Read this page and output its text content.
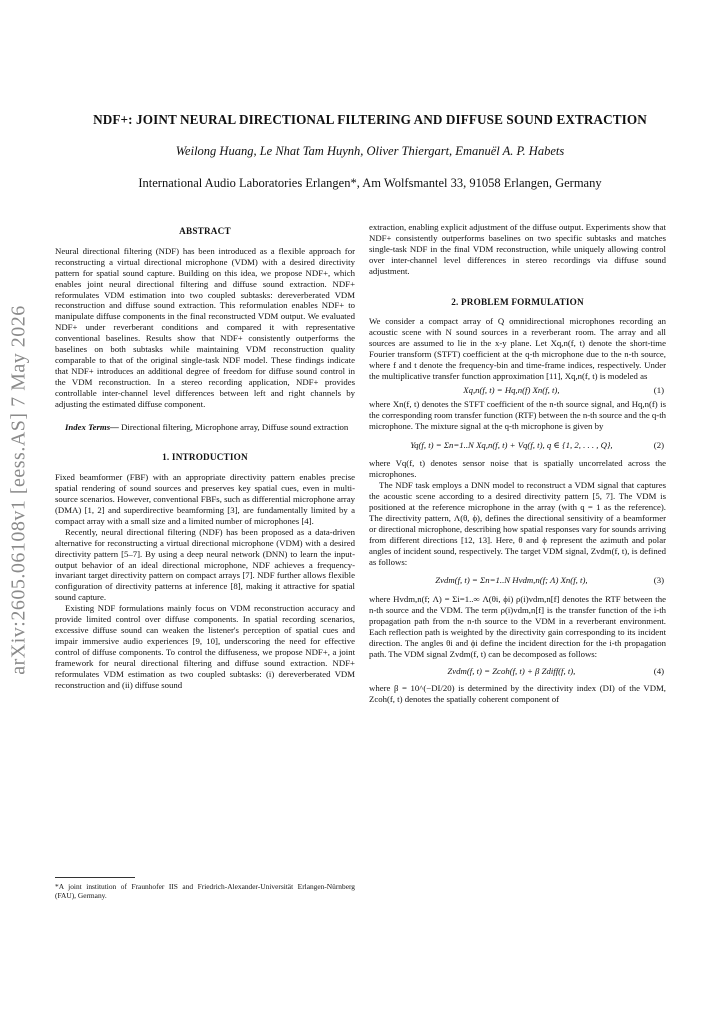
arXiv:2605.06108v1 [eess.AS] 7 May 2026
NDF+: JOINT NEURAL DIRECTIONAL FILTERING AND DIFFUSE SOUND EXTRACTION
Weilong Huang, Le Nhat Tam Huynh, Oliver Thiergart, Emanuël A. P. Habets
International Audio Laboratories Erlangen*, Am Wolfsmantel 33, 91058 Erlangen, Germany
ABSTRACT

Neural directional filtering (NDF) has been introduced as a flexible approach for reconstructing a virtual directional microphone (VDM) with a desired directivity pattern for spatial sound capture. Building on this idea, we propose NDF+, which enables joint neural directional filtering and diffuse sound extraction. NDF+ reformulates VDM estimation into two coupled subtasks: dereverberated VDM reconstruction and diffuse sound extraction. This reformulation enables NDF+ to manipulate diffuse components in the final reconstructed VDM output. We evaluated NDF+ under reverberant conditions and compared it with representative conventional baselines. Results show that NDF+ consistently outperforms the baselines on both subtasks while maintaining VDM reconstruction quality comparable to that of the original single-task NDF model. These findings indicate that NDF+ introduces an additional degree of freedom for diffuse sound control in the VDM reconstruction. In a stereo recording application, NDF+ provides controllable inter-channel level differences between left and right channels by adjusting the estimated diffuse component.

Index Terms— Directional filtering, Microphone array, Diffuse sound extraction

1. INTRODUCTION

Fixed beamformer (FBF) with an appropriate directivity pattern enables precise spatial rendering of sound sources and preserves key spatial cues, even in multi-source scenarios. However, conventional FBFs, such as differential microphone array (DMA) [1, 2] and superdirective beamforming [3], are fundamentally limited by a compact array with a small size and a limited number of microphones [4].

Recently, neural directional filtering (NDF) has been proposed as a data-driven alternative for reconstructing a virtual directional microphone (VDM) with a desired directivity pattern [5–7]. By using a deep neural network (DNN) to learn the input-output behavior of an ideal directional microphone, NDF achieves a frequency-invariant target directivity pattern on compact arrays [7]. NDF further allows flexible configuration of directivity patterns at inference [8], making it attractive for spatial sound capture.

Existing NDF formulations mainly focus on VDM reconstruction accuracy and provide limited control over diffuse components. In spatial recording scenarios, excessive diffuse sound can weaken the listener's perception of spatial cues and impair immersive audio experiences [9, 10], underscoring the need for effective control of diffuse components. To control the diffuseness, we propose NDF+, a joint framework for neural directional filtering and diffuse sound extraction. NDF+ reformulates VDM estimation as two coupled subtasks: (i) dereverberated VDM reconstruction and (ii) diffuse sound

*A joint institution of Fraunhofer IIS and Friedrich-Alexander-Universität Erlangen-Nürnberg (FAU), Germany.

extraction, enabling explicit adjustment of the diffuse output. Experiments show that NDF+ consistently outperforms baselines on two specific subtasks and matches single-task NDF in the final VDM reconstruction, while uniquely allowing control over inter-channel level differences in stereo recordings via diffuse sound adjustment.

2. PROBLEM FORMULATION

We consider a compact array of Q omnidirectional microphones recording an acoustic scene with N sound sources in a reverberant room. The array and all sources are assumed to lie in the x-y plane. Let Xq,n(f, t) denote the short-time Fourier transform (STFT) coefficient at the q-th microphone due to the n-th source, where f and t denote the frequency-bin and time-frame indices, respectively. Under the multiplicative transfer function approximation [11], Xq,n(f, t) is modeled as

Xq,n(f, t) = Hq,n(f) Xn(f, t),	(1)

where Xn(f, t) denotes the STFT coefficient of the n-th source signal, and Hq,n(f) is the corresponding room transfer function (RTF) between the n-th source and the q-th microphone. The mixture signal at the q-th microphone is given by

Yq(f, t) = Σn=1..N Xq,n(f, t) + Vq(f, t), q ∈ {1, 2, . . . , Q},	(2)

where Vq(f, t) denotes sensor noise that is spatially uncorrelated across the microphones.

The NDF task employs a DNN model to reconstruct a VDM signal that captures the acoustic scene according to a desired directivity pattern [5, 7]. The VDM is positioned at the reference microphone in the array (with q = 1 as the reference). The directivity pattern, Λ(θ, ϕ), defines the directional sensitivity of a beamformer or directional microphone, describing how spatial responses vary for sounds arriving from different directions [12, 13]. Here, θ and ϕ represent the azimuth and polar angles of incident sound, respectively. The target VDM signal, Zvdm(f, t), is defined as follows:

Zvdm(f, t) = Σn=1..N Hvdm,n(f; Λ) Xn(f, t),	(3)

where Hvdm,n(f; Λ) = Σi=1..∞ Λ(θi, ϕi) ρ(i)vdm,n[f] denotes the RTF between the n-th source and the VDM. The term ρ(i)vdm,n[f] is the transfer function of the i-th propagation path from the n-th source to the VDM in a reverberant environment. Each reflection path is weighted by the directivity gain corresponding to its incident direction. The angles θi and ϕi define the incident direction for the i-th propagation path. The VDM signal Zvdm(f, t) can be decomposed as follows:

Zvdm(f, t) = Zcoh(f, t) + β Zdiff(f, t),	(4)

where β = 10^(−DI/20) is determined by the directivity index (DI) of the VDM, Zcoh(f, t) denotes the spatially coherent component of
